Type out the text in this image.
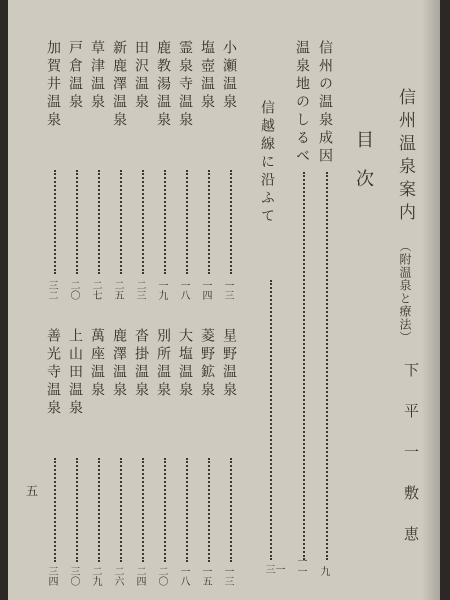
信州温泉案内
（附温泉と療法）
下平一敷恵
目 次
信州の温泉成因
九
温泉地のしるべ
一一
信越線に沿ふて
一三
小瀬温泉
一三
塩壺温泉
一四
霊泉寺温泉
一八
鹿教湯温泉
一九
田沢温泉
二三
新鹿澤温泉
二五
草津温泉
二七
戸倉温泉
二〇
加賀井温泉
三二
星野温泉
一三
菱野鉱泉
一五
大塩温泉
一八
別所温泉
二〇
沓掛温泉
二四
鹿澤温泉
二六
萬座温泉
二九
上山田温泉
三〇
善光寺温泉
三四
五
